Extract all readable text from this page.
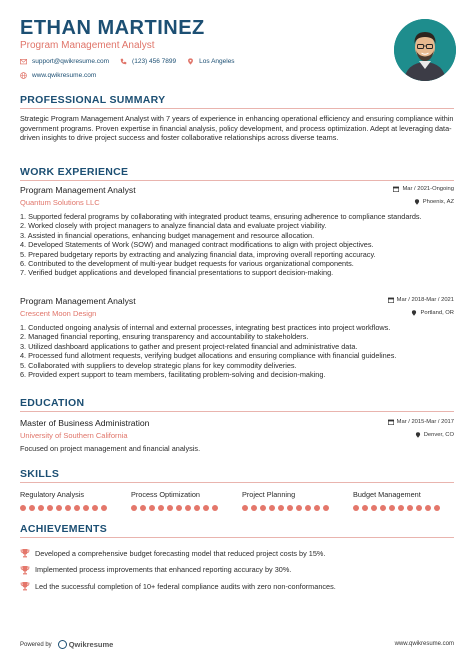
ETHAN MARTINEZ
Program Management Analyst
support@qwikresume.com	(123) 456 7899	Los Angeles
www.qwikresume.com
PROFESSIONAL SUMMARY
Strategic Program Management Analyst with 7 years of experience in enhancing operational efficiency and ensuring compliance within government programs. Proven expertise in financial analysis, policy development, and process optimization. Adept at leveraging data-driven insights to drive project success and foster collaborative relationships across diverse teams.
WORK EXPERIENCE
Program Management Analyst	Mar / 2021-Ongoing
Quantum Solutions LLC	Phoenix, AZ
1. Supported federal programs by collaborating with integrated product teams, ensuring adherence to compliance standards.
2. Worked closely with project managers to analyze financial data and evaluate project viability.
3. Assisted in financial operations, enhancing budget management and resource allocation.
4. Developed Statements of Work (SOW) and managed contract modifications to align with project objectives.
5. Prepared budgetary reports by extracting and analyzing financial data, improving overall reporting accuracy.
6. Contributed to the development of multi-year budget requests for various organizational components.
7. Verified budget applications and developed financial presentations to support decision-making.
Program Management Analyst	Mar / 2018-Mar / 2021
Crescent Moon Design	Portland, OR
1. Conducted ongoing analysis of internal and external processes, integrating best practices into project workflows.
2. Managed financial reporting, ensuring transparency and accountability to stakeholders.
3. Utilized dashboard applications to gather and present project-related financial and administrative data.
4. Processed fund allotment requests, verifying budget allocations and ensuring compliance with financial guidelines.
5. Collaborated with suppliers to develop strategic plans for key commodity deliveries.
6. Provided expert support to team members, facilitating problem-solving and decision-making.
EDUCATION
Master of Business Administration	Mar / 2015-Mar / 2017
University of Southern California	Denver, CO
Focused on project management and financial analysis.
SKILLS
Regulatory Analysis	Process Optimization	Project Planning	Budget Management
ACHIEVEMENTS
Developed a comprehensive budget forecasting model that reduced project costs by 15%.
Implemented process improvements that enhanced reporting accuracy by 30%.
Led the successful completion of 10+ federal compliance audits with zero non-conformances.
Powered by Qwikresume	www.qwikresume.com
